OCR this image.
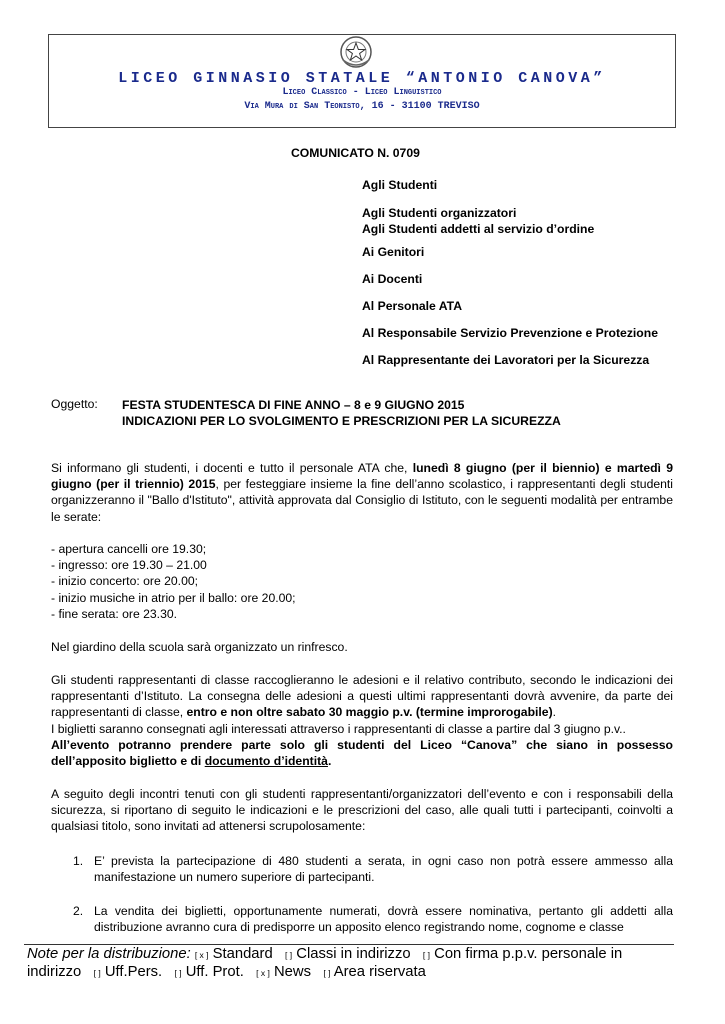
LICEO GINNASIO STATALE “ANTONIO CANOVA”
Liceo Classico - Liceo Linguistico
Via Mura di San Teonisto, 16 - 31100 TREVISO
COMUNICATO N. 0709
Agli Studenti
Agli Studenti organizzatori
Agli Studenti addetti al servizio d’ordine
Ai Genitori
Ai Docenti
Al Personale ATA
Al Responsabile Servizio Prevenzione e Protezione
Al Rappresentante dei Lavoratori per la Sicurezza
Oggetto: FESTA STUDENTESCA DI FINE ANNO – 8 e 9 GIUGNO 2015
INDICAZIONI PER LO SVOLGIMENTO E PRESCRIZIONI PER LA SICUREZZA

Si informano gli studenti, i docenti e tutto il personale ATA che, lunedì 8 giugno (per il biennio) e martedì 9 giugno (per il triennio) 2015, per festeggiare insieme la fine dell’anno scolastico, i rappresentanti degli studenti organizzeranno il "Ballo d'Istituto", attività approvata dal Consiglio di Istituto, con le seguenti modalità per entrambe le serate:

- apertura cancelli ore 19.30;
- ingresso: ore 19.30 – 21.00
- inizio concerto: ore 20.00;
- inizio musiche in atrio per il ballo: ore 20.00;
- fine serata: ore 23.30.
Nel giardino della scuola sarà organizzato un rinfresco.

Gli studenti rappresentanti di classe raccoglieranno le adesioni e il relativo contributo, secondo le indicazioni dei rappresentanti d’Istituto. La consegna delle adesioni a questi ultimi rappresentanti dovrà avvenire, da parte dei rappresentanti di classe, entro e non oltre sabato 30 maggio p.v. (termine improrogabile).

I biglietti saranno consegnati agli interessati attraverso i rappresentanti di classe a partire dal 3 giugno p.v..

All’evento potranno prendere parte solo gli studenti del Liceo “Canova” che siano in possesso dell’apposito biglietto e di documento d’identità.

A seguito degli incontri tenuti con gli studenti rappresentanti/organizzatori dell’evento e con i responsabili della sicurezza, si riportano di seguito le indicazioni e le prescrizioni del caso, alle quali tutti i partecipanti, coinvolti a qualsiasi titolo, sono invitati ad attenersi scrupolosamente:
1. E’ prevista la partecipazione di 480 studenti a serata, in ogni caso non potrà essere ammesso alla manifestazione un numero superiore di partecipanti.
2. La vendita dei biglietti, opportunamente numerati, dovrà essere nominativa, pertanto gli addetti alla distribuzione avranno cura di predisporre un apposito elenco registrando nome, cognome e classe
Note per la distribuzione: [ x ] Standard [ ] Classi in indirizzo [ ] Con firma p.p.v. personale in indirizzo [ ] Uff.Pers. [ ] Uff. Prot. [ x ] News [ ] Area riservata
